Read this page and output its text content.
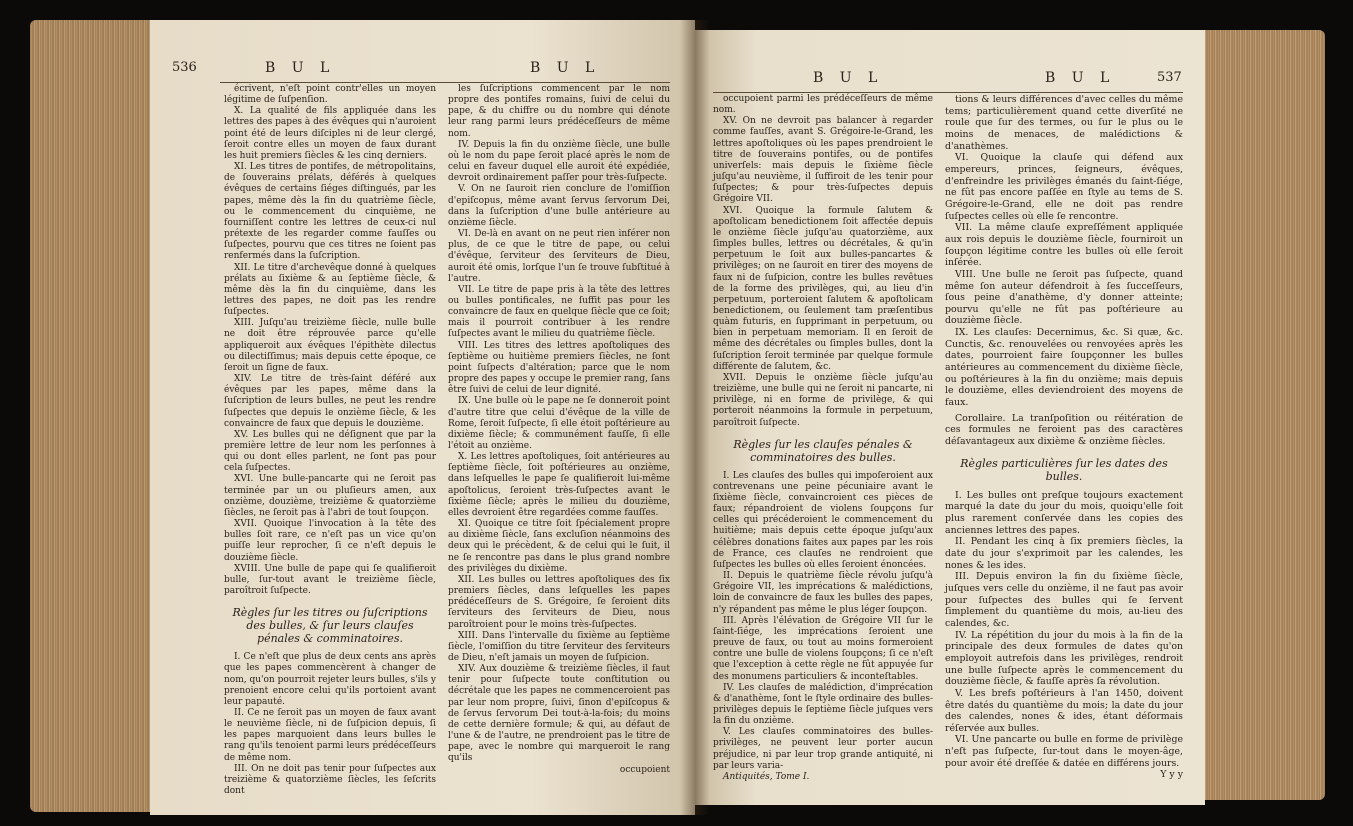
536	B U L	B U L

écrivent, n'eſt point contr'elles un moyen légitime de ſuſpenſion.

X. La qualité de fils appliquée dans les lettres des papes à des évêques qui n'auroient point été de leurs diſciples ni de leur clergé, ſeroit contre elles un moyen de faux durant les huit premiers ſiècles & les cinq derniers.

XI. Les titres de pontifes, de métropolitains, de ſouverains prélats, déférés à quelques évêques de certains ſiéges diſtingués, par les papes, même dès la fin du quatrième ſiècle, ou le commencement du cinquième, ne fourniſſent contre les lettres de ceux-ci nul prétexte de les regarder comme fauſſes ou ſuſpectes, pourvu que ces titres ne ſoient pas renfermés dans la ſuſcription.

XII. Le titre d'archevêque donné à quelques prélats au ſixième & au ſeptième ſiècle, & même dès la fin du cinquième, dans les lettres des papes, ne doit pas les rendre ſuſpectes.

XIII. Juſqu'au treizième ſiècle, nulle bulle ne doit être réprouvée parce qu'elle appliqueroit aux évêques l'épithète dilectus ou dilectiſſimus; mais depuis cette époque, ce ſeroit un ſigne de faux.

XIV. Le titre de très-ſaint déféré aux évêques par les papes, même dans la ſuſcription de leurs bulles, ne peut les rendre ſuſpectes que depuis le onzième ſiècle, & les convaincre de faux que depuis le douzième.

XV. Les bulles qui ne déſignent que par la première lettre de leur nom les perſonnes à qui ou dont elles parlent, ne ſont pas pour cela ſuſpectes.

XVI. Une bulle-pancarte qui ne ſeroit pas terminée par un ou pluſieurs amen, aux onzième, douzième, treizième & quatorzième ſiècles, ne ſeroit pas à l'abri de tout ſoupçon.

XVII. Quoique l'invocation à la tête des bulles ſoit rare, ce n'eſt pas un vice qu'on puiſſe leur reprocher, ſi ce n'eſt depuis le douzième ſiècle.

XVIII. Une bulle de pape qui ſe qualifieroit bulle, ſur-tout avant le treizième ſiècle, paroîtroit ſuſpecte.

Règles ſur les titres ou ſuſcriptions des bulles, & ſur leurs clauſes pénales & comminatoires.

I. Ce n'eſt que plus de deux cents ans après que les papes commencèrent à changer de nom, qu'on pourroit rejeter leurs bulles, s'ils y prenoient encore celui qu'ils portoient avant leur papauté.

II. Ce ne ſeroit pas un moyen de faux avant le neuvième ſiècle, ni de ſuſpicion depuis, ſi les papes marquoient dans leurs bulles le rang qu'ils tenoient parmi leurs prédéceſſeurs de même nom.

III. On ne doit pas tenir pour ſuſpectes aux treizième & quatorzième ſiècles, les ſeſcrits dont

les ſuſcriptions commencent par le nom propre des pontifes romains, ſuivi de celui du pape, & du chiffre ou du nombre qui dénote leur rang parmi leurs prédéceſſeurs de même nom.

IV. Depuis la fin du onzième ſiècle, une bulle où le nom du pape ſeroit placé après le nom de celui en faveur duquel elle auroit été expédiée, devroit ordinairement paſſer pour très-ſuſpecte.

V. On ne ſauroit rien conclure de l'omiſſion d'epiſcopus, même avant ſervus ſervorum Dei, dans la ſuſcription d'une bulle antérieure au onzième ſiècle.

VI. De-là en avant on ne peut rien inférer non plus, de ce que le titre de pape, ou celui d'évêque, ſerviteur des ſerviteurs de Dieu, auroit été omis, lorſque l'un ſe trouve ſubſtitué à l'autre.

VII. Le titre de pape pris à la tête des lettres ou bulles pontificales, ne ſuffit pas pour les convaincre de faux en quelque ſiècle que ce ſoit; mais il pourroit contribuer à les rendre ſuſpectes avant le milieu du quatrième ſiècle.

VIII. Les titres des lettres apoſtoliques des ſeptième ou huitième premiers ſiècles, ne ſont point ſuſpects d'altération; parce que le nom propre des papes y occupe le premier rang, ſans être ſuivi de celui de leur dignité.

IX. Une bulle où le pape ne ſe donneroit point d'autre titre que celui d'évêque de la ville de Rome, ſeroit ſuſpecte, ſi elle étoit poſtérieure au dixième ſiècle; & communément fauſſe, ſi elle l'étoit au onzième.

X. Les lettres apoſtoliques, ſoit antérieures au ſeptième ſiècle, ſoit poſtérieures au onzième, dans leſquelles le pape ſe qualifieroit lui-même apoſtolicus, ſeroient très-ſuſpectes avant le ſixième ſiècle; après le milieu du douzième, elles devroient être regardées comme fauſſes.

XI. Quoique ce titre ſoit ſpécialement propre au dixième ſiècle, ſans excluſion néanmoins des deux qui le précèdent, & de celui qui le ſuit, il ne ſe rencontre pas dans le plus grand nombre des privilèges du dixième.

XII. Les bulles ou lettres apoſtoliques des ſix premiers ſiècles, dans leſquelles les papes prédéceſſeurs de S. Grégoire, ſe ſeroient dits ſerviteurs des ſerviteurs de Dieu, nous paroîtroient pour le moins très-ſuſpectes.

XIII. Dans l'intervalle du ſixième au ſeptième ſiècle, l'omiſſion du titre ſerviteur des ſerviteurs de Dieu, n'eſt jamais un moyen de ſuſpicion.

XIV. Aux douzième & treizième ſiècles, il faut tenir pour ſuſpecte toute conſtitution ou décrétale que les papes ne commenceroient pas par leur nom propre, ſuivi, ſinon d'epiſcopus & de ſervus ſervorum Dei tout-à-la-fois; du moins de cette dernière formule; & qui, au défaut de l'une & de l'autre, ne prendroient pas le titre de pape, avec le nombre qui marqueroit le rang qu'ils

occupoient

B U L	B U L	537

occupoient parmi les prédéceſſeurs de même nom.

XV. On ne devroit pas balancer à regarder comme fauſſes, avant S. Grégoire-le-Grand, les lettres apoſtoliques où les papes prendroient le titre de ſouverains pontifes, ou de pontifes univerſels: mais depuis le ſixième ſiècle juſqu'au neuvième, il ſuffiroit de les tenir pour ſuſpectes; & pour très-ſuſpectes depuis Grégoire VII.

XVI. Quoique la formule ſalutem & apoſtolicam benedictionem ſoit affectée depuis le onzième ſiècle juſqu'au quatorzième, aux ſimples bulles, lettres ou décrétales, & qu'in perpetuum le ſoit aux bulles-pancartes & privilèges; on ne ſauroit en tirer des moyens de faux ni de ſuſpicion, contre les bulles revêtues de la forme des privilèges, qui, au lieu d'in perpetuum, porteroient ſalutem & apoſtolicam benedictionem, ou ſeulement tam præſentibus quàm futuris, en ſupprimant in perpetuum, ou bien in perpetuam memoriam. Il en ſeroit de même des décrétales ou ſimples bulles, dont la ſuſcription ſeroit terminée par quelque formule différente de ſalutem, &c.

XVII. Depuis le onzième ſiècle juſqu'au treizième, une bulle qui ne ſeroit ni pancarte, ni privilège, ni en forme de privilège, & qui porteroit néanmoins la formule in perpetuum, paroîtroit ſuſpecte.

Règles ſur les clauſes pénales & comminatoires des bulles.

I. Les clauſes des bulles qui impoſeroient aux contrevenans une peine pécuniaire avant le ſixième ſiècle, convaincroient ces pièces de faux; répandroient de violens ſoupçons ſur celles qui précéderoient le commencement du huitième; mais depuis cette époque juſqu'aux célèbres donations faites aux papes par les rois de France, ces clauſes ne rendroient que ſuſpectes les bulles où elles ſeroient énoncées.

II. Depuis le quatrième ſiècle révolu juſqu'à Grégoire VII, les imprécations & malédictions, loin de convaincre de faux les bulles des papes, n'y répandent pas même le plus léger ſoupçon.

III. Après l'élévation de Grégoire VII ſur le ſaint-ſiége, les imprécations ſeroient une preuve de faux, ou tout au moins formeroient contre une bulle de violens ſoupçons; ſi ce n'eſt que l'exception à cette règle ne fût appuyée ſur des monumens particuliers & inconteſtables.

IV. Les clauſes de malédiction, d'imprécation & d'anathème, ſont le ſtyle ordinaire des bulles-privilèges depuis le ſeptième ſiècle juſques vers la fin du onzième.

V. Les clauſes comminatoires des bulles-privilèges, ne peuvent leur porter aucun préjudice, ni par leur trop grande antiquité, ni par leurs varia-

Antiquités, Tome I.

tions & leurs différences d'avec celles du même tems; particulièrement quand cette diverſité ne roule que ſur des termes, ou ſur le plus ou le moins de menaces, de malédictions & d'anathèmes.

VI. Quoique la clauſe qui défend aux empereurs, princes, ſeigneurs, évêques, d'enfreindre les privilèges émanés du ſaint-ſiége, ne fût pas encore paſſée en ſtyle au tems de S. Grégoire-le-Grand, elle ne doit pas rendre ſuſpectes celles où elle ſe rencontre.

VII. La même clauſe expreſſément appliquée aux rois depuis le douzième ſiècle, fourniroit un ſoupçon légitime contre les bulles où elle ſeroit inſérée.

VIII. Une bulle ne ſeroit pas ſuſpecte, quand même ſon auteur défendroit à ſes ſucceſſeurs, ſous peine d'anathème, d'y donner atteinte; pourvu qu'elle ne fût pas poſtérieure au douzième ſiècle.

IX. Les clauſes: Decernimus, &c. Si quæ, &c. Cunctis, &c. renouvelées ou renvoyées après les dates, pourroient faire ſoupçonner les bulles antérieures au commencement du dixième ſiècle, ou poſtérieures à la fin du onzième; mais depuis le douzième, elles deviendroient des moyens de faux.

Corollaire. La tranſpoſition ou réitération de ces formules ne feroient pas des caractères déſavantageux aux dixième & onzième ſiècles.

Règles particulières ſur les dates des bulles.

I. Les bulles ont preſque toujours exactement marqué la date du jour du mois, quoiqu'elle ſoit plus rarement conſervée dans les copies des anciennes lettres des papes.

II. Pendant les cinq à ſix premiers ſiècles, la date du jour s'exprimoit par les calendes, les nones & les ides.

III. Depuis environ la fin du ſixième ſiècle, juſques vers celle du onzième, il ne faut pas avoir pour ſuſpectes des bulles qui ſe ſervent ſimplement du quantième du mois, au-lieu des calendes, &c.

IV. La répétition du jour du mois à la fin de la principale des deux formules de dates qu'on employoit autrefois dans les privilèges, rendroit une bulle ſuſpecte après le commencement du douzième ſiècle, & fauſſe après ſa révolution.

V. Les brefs poſtérieurs à l'an 1450, doivent être datés du quantième du mois; la date du jour des calendes, nones & ides, étant déſormais réſervée aux bulles.

VI. Une pancarte ou bulle en forme de privilège n'eſt pas ſuſpecte, ſur-tout dans le moyen-âge, pour avoir été dreſſée & datée en différens jours.

Y y y
